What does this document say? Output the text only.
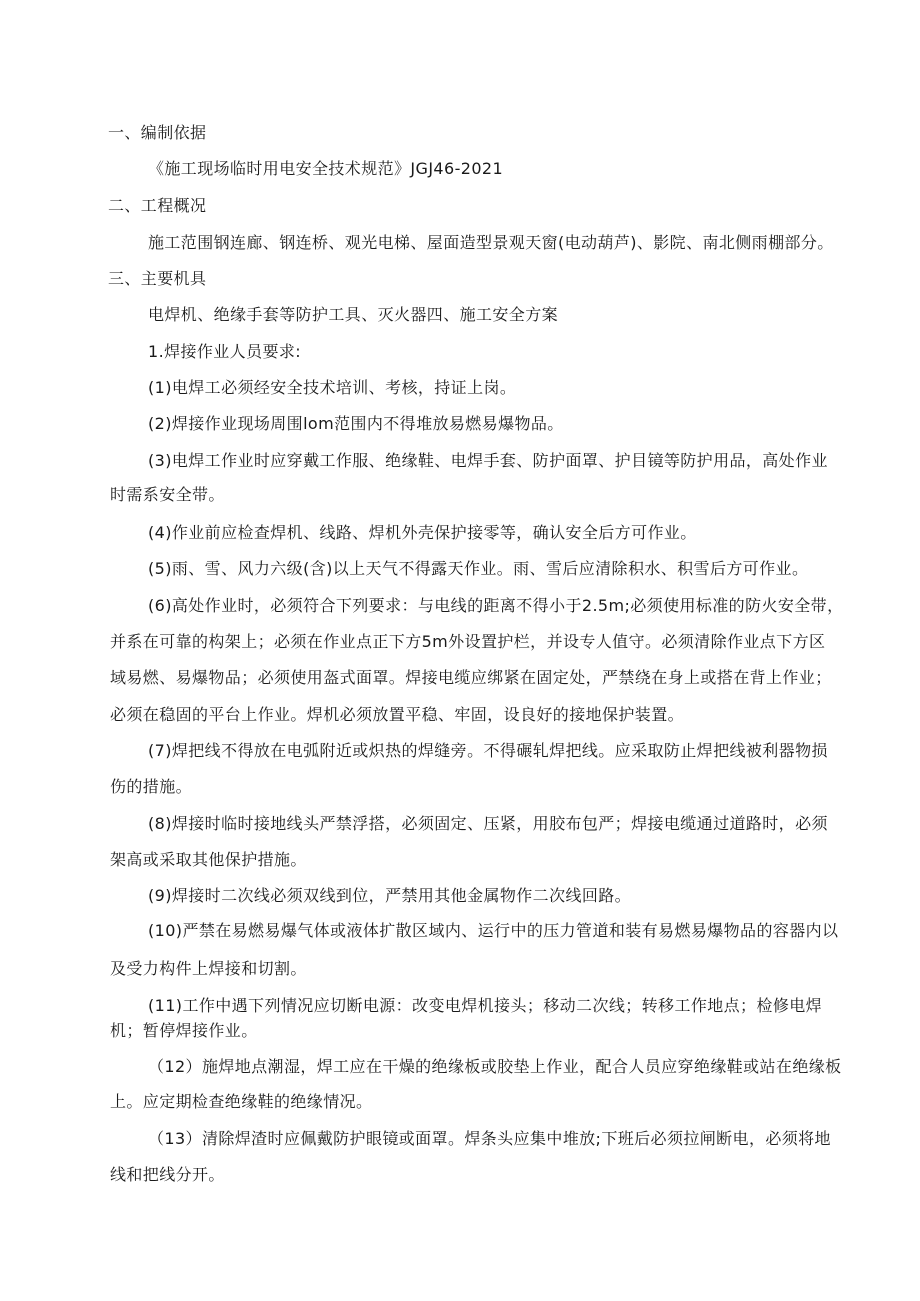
一、编制依据
《施工现场临时用电安全技术规范》JGJ46-2021
二、工程概况
施工范围钢连廊、钢连桥、观光电梯、屋面造型景观天窗(电动葫芦)、影院、南北侧雨棚部分。
三、主要机具
电焊机、绝缘手套等防护工具、灭火器四、施工安全方案
1.焊接作业人员要求:
(1)电焊工必须经安全技术培训、考核，持证上岗。
(2)焊接作业现场周围lom范围内不得堆放易燃易爆物品。
(3)电焊工作业时应穿戴工作服、绝缘鞋、电焊手套、防护面罩、护目镜等防护用品，高处作业
时需系安全带。
(4)作业前应检查焊机、线路、焊机外壳保护接零等，确认安全后方可作业。
(5)雨、雪、风力六级(含)以上天气不得露天作业。雨、雪后应清除积水、积雪后方可作业。
(6)高处作业时，必须符合下列要求：与电线的距离不得小于2.5m;必须使用标准的防火安全带，
并系在可靠的构架上；必须在作业点正下方5m外设置护栏，并设专人值守。必须清除作业点下方区
域易燃、易爆物品；必须使用盔式面罩。焊接电缆应绑紧在固定处，严禁绕在身上或搭在背上作业；
必须在稳固的平台上作业。焊机必须放置平稳、牢固，设良好的接地保护装置。
(7)焊把线不得放在电弧附近或炽热的焊缝旁。不得碾轧焊把线。应采取防止焊把线被利器物损
伤的措施。
(8)焊接时临时接地线头严禁浮搭，必须固定、压紧，用胶布包严；焊接电缆通过道路时，必须
架高或采取其他保护措施。
(9)焊接时二次线必须双线到位，严禁用其他金属物作二次线回路。
(10)严禁在易燃易爆气体或液体扩散区域内、运行中的压力管道和装有易燃易爆物品的容器内以
及受力构件上焊接和切割。
(11)工作中遇下列情况应切断电源：改变电焊机接头；移动二次线；转移工作地点；检修电焊
机；暂停焊接作业。
（12）施焊地点潮湿，焊工应在干燥的绝缘板或胶垫上作业，配合人员应穿绝缘鞋或站在绝缘板
上。应定期检查绝缘鞋的绝缘情况。
（13）清除焊渣时应佩戴防护眼镜或面罩。焊条头应集中堆放;下班后必须拉闸断电，必须将地
线和把线分开。
